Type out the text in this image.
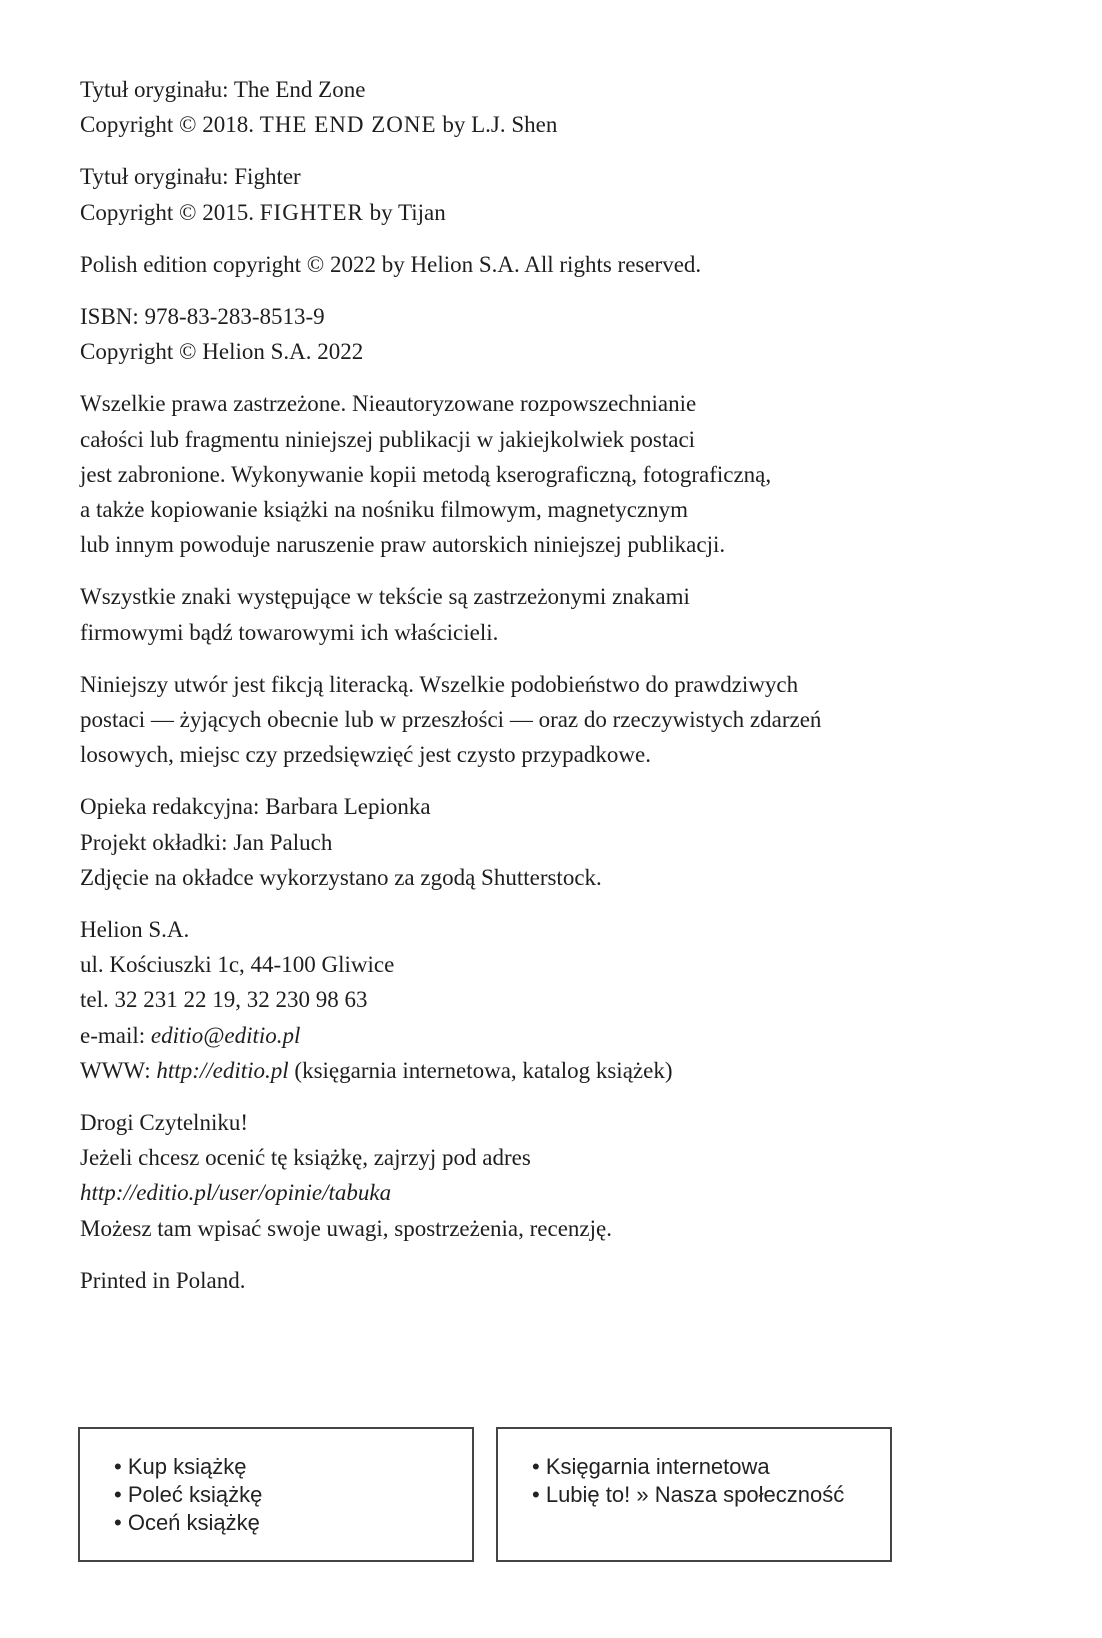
Tytuł oryginału: The End Zone
Copyright © 2018. THE END ZONE by L.J. Shen

Tytuł oryginału: Fighter
Copyright © 2015. FIGHTER by Tijan

Polish edition copyright © 2022 by Helion S.A. All rights reserved.

ISBN: 978-83-283-8513-9
Copyright © Helion S.A. 2022

Wszelkie prawa zastrzeżone. Nieautoryzowane rozpowszechnianie
całości lub fragmentu niniejszej publikacji w jakiejkolwiek postaci
jest zabronione. Wykonywanie kopii metodą kserograficzną, fotograficzną,
a także kopiowanie książki na nośniku filmowym, magnetycznym
lub innym powoduje naruszenie praw autorskich niniejszej publikacji.

Wszystkie znaki występujące w tekście są zastrzeżonymi znakami
firmowymi bądź towarowymi ich właścicieli.

Niniejszy utwór jest fikcją literacką. Wszelkie podobieństwo do prawdziwych
postaci — żyjących obecnie lub w przeszłości — oraz do rzeczywistych zdarzeń
losowych, miejsc czy przedsięwzięć jest czysto przypadkowe.

Opieka redakcyjna: Barbara Lepionka
Projekt okładki: Jan Paluch
Zdjęcie na okładce wykorzystano za zgodą Shutterstock.

Helion S.A.
ul. Kościuszki 1c, 44-100 Gliwice
tel. 32 231 22 19, 32 230 98 63
e-mail: editio@editio.pl
WWW: http://editio.pl (księgarnia internetowa, katalog książek)

Drogi Czytelniku!
Jeżeli chcesz ocenić tę książkę, zajrzyj pod adres
http://editio.pl/user/opinie/tabuka
Możesz tam wpisać swoje uwagi, spostrzeżenia, recenzję.

Printed in Poland.

• Kup książkę
• Poleć książkę
• Oceń książkę
• Księgarnia internetowa
• Lubię to! » Nasza społeczność
